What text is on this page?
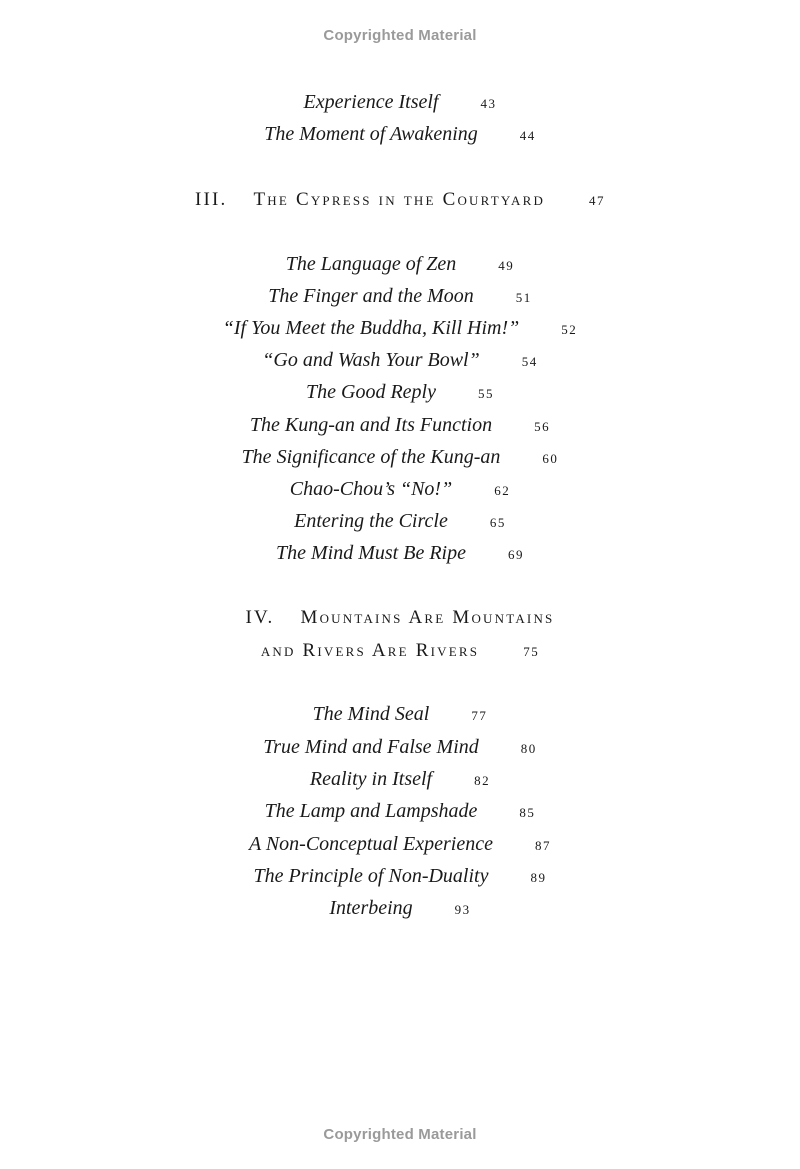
Copyrighted Material
Experience Itself	43
The Moment of Awakening	44
III. The Cypress in the Courtyard	47
The Language of Zen	49
The Finger and the Moon	51
“If You Meet the Buddha, Kill Him!”	52
“Go and Wash Your Bowl”	54
The Good Reply	55
The Kung-an and Its Function	56
The Significance of the Kung-an	60
Chao-Chou’s “No!”	62
Entering the Circle	65
The Mind Must Be Ripe	69
IV. Mountains Are Mountains
and Rivers Are Rivers	75
The Mind Seal	77
True Mind and False Mind	80
Reality in Itself	82
The Lamp and Lampshade	85
A Non-Conceptual Experience	87
The Principle of Non-Duality	89
Interbeing	93
Copyrighted Material
